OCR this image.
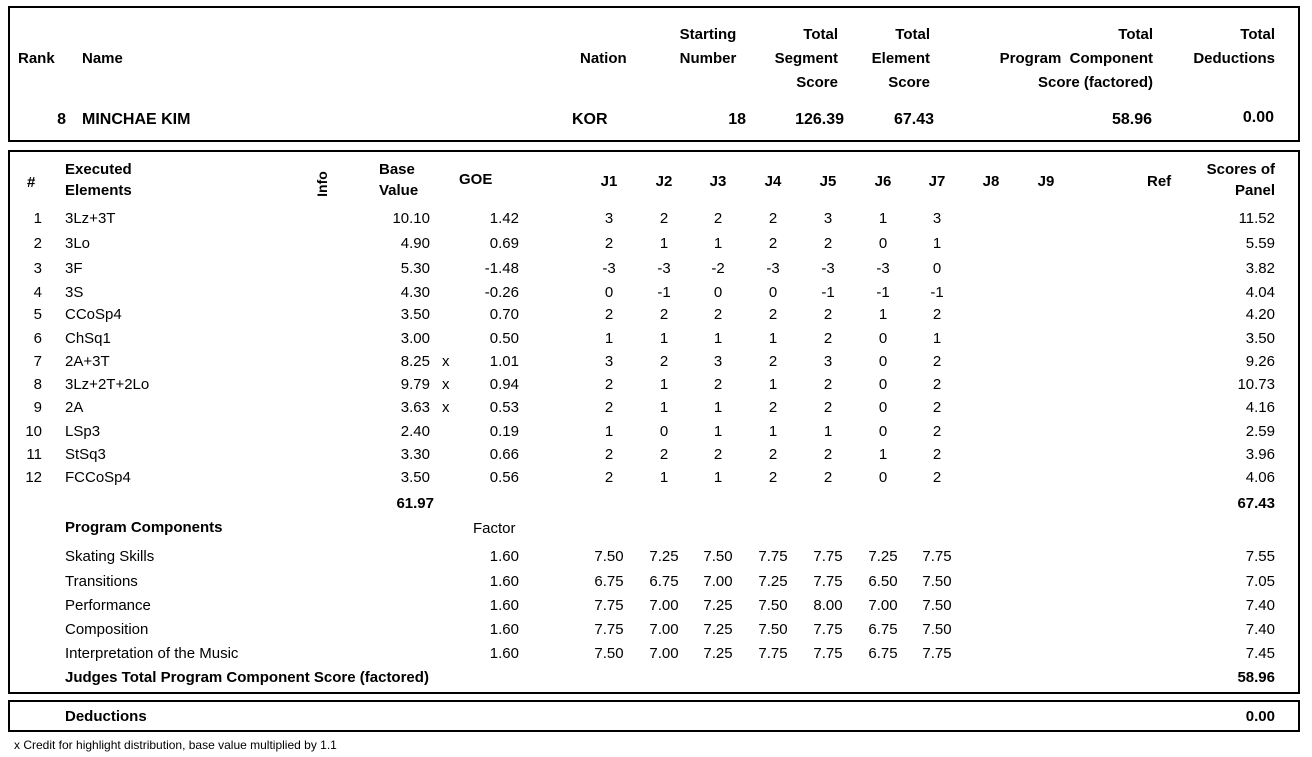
Rank Name	Nation
Starting
Number
Total
Segment
Score
Total
Element
Score
Total
Program  Component
Score (factored)
Total
Deductions
8 MINCHAE KIM	KOR	18	126.39	67.43	58.96	0.00
#
Executed
Elements	Info
Base
Value
GOE	J1	J2	J3	J4	J5	J6	J7	J8	J9	Ref
Scores of
Panel
1 3Lz+3T	10.10	1.42	3	2	2	2	3	1	3	11.52
2 3Lo	4.90	0.69	2	1	1	2	2	0	1	5.59
3 3F	5.30	-1.48	-3	-3	-2	-3	-3	-3	0	3.82
4 3S	4.30	-0.26	0	-1	0	0	-1	-1	-1	4.04
5 CCoSp4	3.50	0.70	2	2	2	2	2	1	2	4.20
6 ChSq1	3.00	0.50	1	1	1	1	2	0	1	3.50
7 2A+3T	8.25 x	1.01	3	2	3	2	3	0	2	9.26
8 3Lz+2T+2Lo	9.79 x	0.94	2	1	2	1	2	0	2	10.73
9 2A	3.63 x	0.53	2	1	1	2	2	0	2	4.16
10 LSp3	2.40	0.19	1	0	1	1	1	0	2	2.59
11 StSq3	3.30	0.66	2	2	2	2	2	1	2	3.96
12 FCCoSp4	3.50	0.56	2	1	1	2	2	0	2	4.06
61.97	67.43
Program Components	Factor
Skating Skills	1.60	7.50	7.25	7.50	7.75	7.75	7.25	7.75	7.55
Transitions	1.60	6.75	6.75	7.00	7.25	7.75	6.50	7.50	7.05
Performance	1.60	7.75	7.00	7.25	7.50	8.00	7.00	7.50	7.40
Composition	1.60	7.75	7.00	7.25	7.50	7.75	6.75	7.50	7.40
Interpretation of the Music	1.60	7.50	7.00	7.25	7.75	7.75	6.75	7.75	7.45
Judges Total Program Component Score (factored)	58.96
Deductions	0.00
x Credit for highlight distribution, base value multiplied by 1.1
